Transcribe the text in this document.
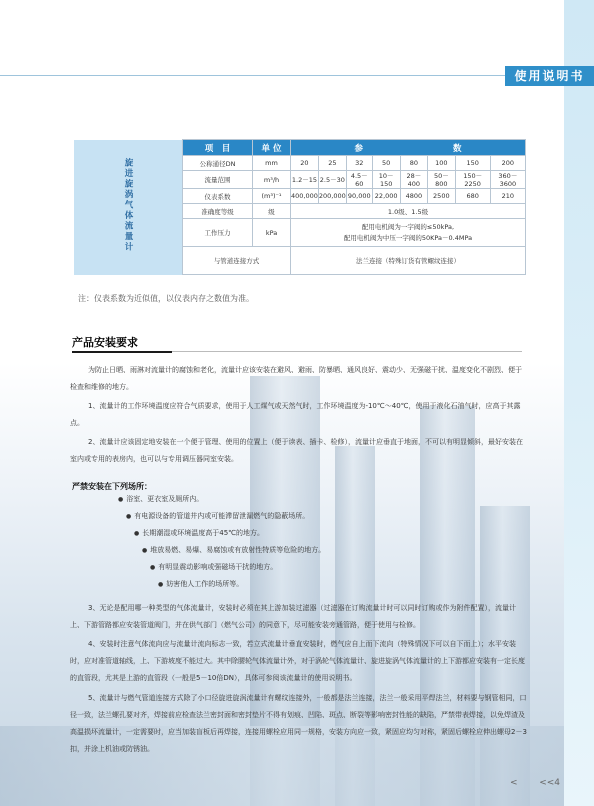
使用说明书
旋进旋涡气体流量计	项　目	单 位	参 数							
	公称通径DN	mm	20	25	32	50	80	100	150	200
	流量范围	m³/h	1.2－15	2.5－30	4.5－60	10－150	28－400	50－800	150－2250	360－3600
	仪表系数	(m³)⁻¹	400,000	200,000	90,000	22,000	4800	2500	680	210
	准确度等级	级	1.0级、1.5级							
	工作压力	kPa	配用电机阀为一字阀的≤50kPa,
配用电机阀为中压一字阀的50KPa－0.4MPa							

	与管道连接方式		法兰连接（特殊订货有管螺纹连接）							
注：仪表系数为近似值，以仪表内存之数值为准。
产品安装要求
为防止日晒、雨淋对流量计的腐蚀和老化，流量计应该安装在避风、避雨、防暴晒、通风良好、震动少、无强磁干扰、温度变化不剧烈、便于检查和维修的地方。
1、流量计的工作环境温度应符合气质要求，使用于人工煤气或天然气时，工作环境温度为-10℃～40℃，使用于液化石油气时，应高于其露点。
2、流量计应该固定地安装在一个便于管理、使用的位置上（便于读表、插卡、检修），流量计应垂直于地面，不可以有明显倾斜，最好安装在室内或专用的表房内，也可以与专用调压器同室安装。
严禁安装在下列场所：
● 浴室、更衣室及厕所内。
● 有电源设备的管道井内或可能滞留泄漏燃气的隐蔽场所。
● 长期潮湿或环境温度高于45℃的地方。
● 堆放易燃、易爆、易腐蚀或有放射性特质等危险的地方。
● 有明显震动影响或强磁场干扰的地方。
● 妨害他人工作的场所等。
3、无论是配用哪一种类型的气体流量计，安装时必须在其上游加装过滤器（过滤器在订购流量计时可以同时订购或作为附件配置），流量计上、下游管路都应安装管道阀门，并在供气部门（燃气公司）的同意下，尽可能安装旁通管路，便于使用与检修。
4、安装时注意气体流向应与流量计流向标志一致，若立式流量计垂直安装时，燃气应自上而下流向（特殊情况下可以自下而上）；水平安装时，应对准管道轴线，上、下游坡度不能过大。其中除腰轮气体流量计外，对于涡轮气体流量计、旋进旋涡气体流量计的上下游都应安装有一定长度的直管段，尤其是上游的直管段（一般是5－10倍DN），具体可参阅该流量计的使用说明书。
5、流量计与燃气管道连接方式除了小口径旋进旋涡流量计有螺纹连接外，一般都是法兰连接，法兰一般采用平焊法兰，材料要与钢管相同，口径一致，法兰螺孔要对齐，焊接前应检查法兰密封面和密封垫片不得有划痕、凹陷、斑点、断裂等影响密封性能的缺陷，严禁带表焊接，以免焊渣及高温损坏流量计，一定需要时，应当加装盲板后再焊接，连接用螺栓应用同一规格，安装方向应一致，紧固应均匀对称，紧固后螺栓应伸出螺母2－3扣，并涂上机油或防锈油。
< <<4
